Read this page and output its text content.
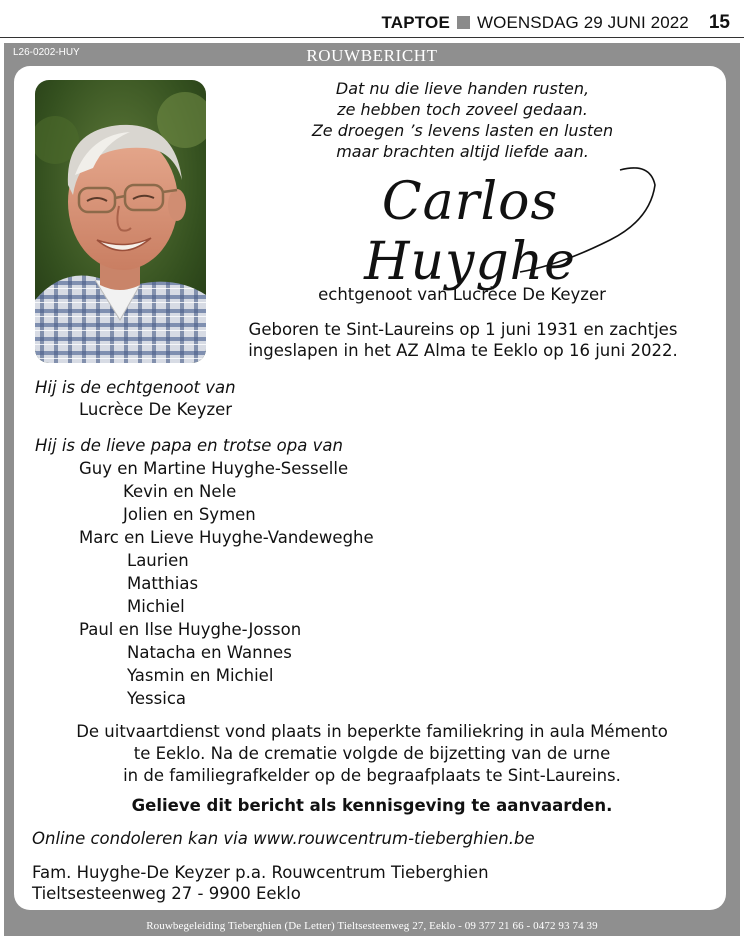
TAPTOE WOENSDAG 29 JUNI 2022 15
L26-0202-HUY	ROUWBERICHT
Rouwbegeleiding Tieberghien (De Letter) Tieltsesteenweg 27, Eeklo - 09 377 21 66 - 0472 93 74 39
Dat nu die lieve handen rusten,
ze hebben toch zoveel gedaan.
Ze droegen ’s levens lasten en lusten
maar brachten altijd liefde aan.
Carlos Huyghe
echtgenoot van Lucrèce De Keyzer
Geboren te Sint-Laureins op 1 juni 1931 en zachtjes
ingeslapen in het AZ Alma te Eeklo op 16 juni 2022.
Hij is de echtgenoot van
Lucrèce De Keyzer
Hij is de lieve papa en trotse opa van
Guy en Martine Huyghe-Sesselle
Kevin en Nele
Jolien en Symen
Marc en Lieve Huyghe-Vandeweghe
Laurien
Matthias
Michiel
Paul en Ilse Huyghe-Josson
Natacha en Wannes
Yasmin en Michiel
Yessica
De uitvaartdienst vond plaats in beperkte familiekring in aula Mémento
te Eeklo. Na de crematie volgde de bijzetting van de urne
in de familiegrafkelder op de begraafplaats te Sint-Laureins.
Gelieve dit bericht als kennisgeving te aanvaarden.
Online condoleren kan via www.rouwcentrum-tieberghien.be
Fam. Huyghe-De Keyzer p.a. Rouwcentrum Tieberghien
Tieltsesteenweg 27 - 9900 Eeklo
